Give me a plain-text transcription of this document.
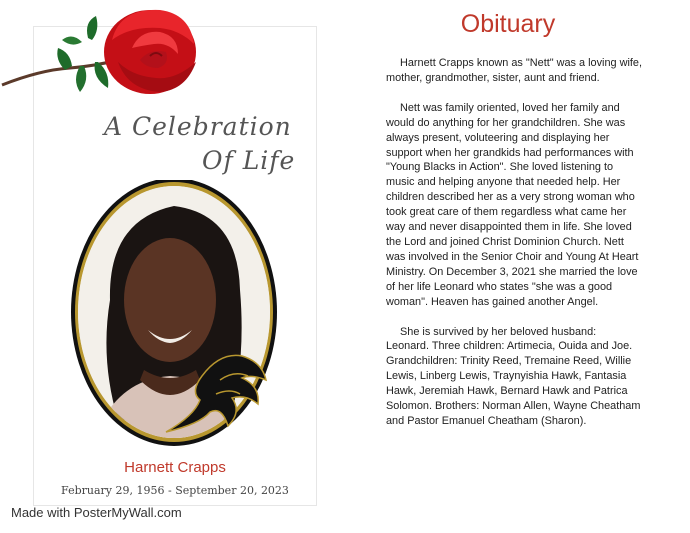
A Celebration
Of Life
Harnett Crapps
February 29, 1956 - September 20, 2023
Obituary

Harnett Crapps known as "Nett" was a loving wife, mother, grandmother, sister, aunt and friend.

Nett was family oriented, loved her family and would do anything for her grandchildren. She was always present, voluteering and displaying her support when her grandkids had performances with "Young Blacks in Action". She loved listening to music and helping anyone that needed help. Her children described her as a very strong woman who took great care of them regardless what came her way and never disappointed them in life. She loved the Lord and joined Christ Dominion Church. Nett was involved in the Senior Choir and Young At Heart Ministry. On December 3, 2021 she married the love of her life Leonard who states "she was a good woman". Heaven has gained another Angel.

She is survived by her beloved husband: Leonard. Three children: Artimecia, Ouida and Joe. Grandchildren: Trinity Reed, Tremaine Reed, Willie Lewis, Linberg Lewis, Traynyishia Hawk, Fantasia Hawk, Jeremiah Hawk, Bernard Hawk and Patrica Solomon. Brothers: Norman Allen, Wayne Cheatham and Pastor Emanuel Cheatham (Sharon).

Made with PosterMyWall.com
